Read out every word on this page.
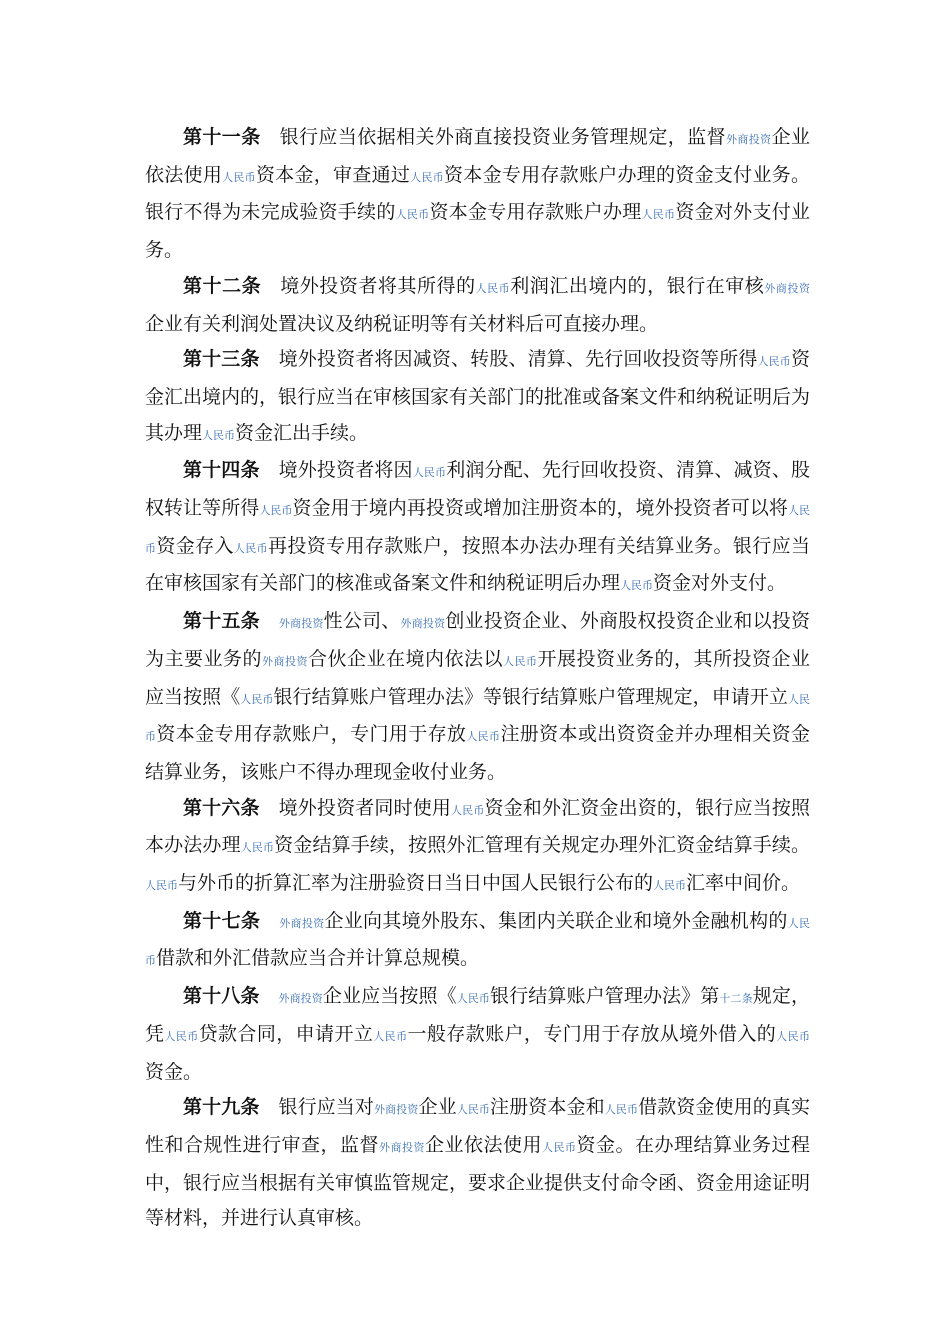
第十一条 银行应当依据相关外商直接投资业务管理规定，监督外商投资企业依法使用人民币资本金，审查通过人民币资本金专用存款账户办理的资金支付业务。银行不得为未完成验资手续的人民币资本金专用存款账户办理人民币资金对外支付业务。

第十二条 境外投资者将其所得的人民币利润汇出境内的，银行在审核外商投资企业有关利润处置决议及纳税证明等有关材料后可直接办理。

第十三条 境外投资者将因减资、转股、清算、先行回收投资等所得人民币资金汇出境内的，银行应当在审核国家有关部门的批准或备案文件和纳税证明后为其办理人民币资金汇出手续。

第十四条 境外投资者将因人民币利润分配、先行回收投资、清算、减资、股权转让等所得人民币资金用于境内再投资或增加注册资本的，境外投资者可以将人民币资金存入人民币再投资专用存款账户，按照本办法办理有关结算业务。银行应当在审核国家有关部门的核准或备案文件和纳税证明后办理人民币资金对外支付。

第十五条 外商投资性公司、外商投资创业投资企业、外商股权投资企业和以投资为主要业务的外商投资合伙企业在境内依法以人民币开展投资业务的，其所投资企业应当按照《人民币银行结算账户管理办法》等银行结算账户管理规定，申请开立人民币资本金专用存款账户，专门用于存放人民币注册资本或出资资金并办理相关资金结算业务，该账户不得办理现金收付业务。

第十六条 境外投资者同时使用人民币资金和外汇资金出资的，银行应当按照本办法办理人民币资金结算手续，按照外汇管理有关规定办理外汇资金结算手续。人民币与外币的折算汇率为注册验资日当日中国人民银行公布的人民币汇率中间价。

第十七条 外商投资企业向其境外股东、集团内关联企业和境外金融机构的人民币借款和外汇借款应当合并计算总规模。

第十八条 外商投资企业应当按照《人民币银行结算账户管理办法》第十二条规定，凭人民币贷款合同，申请开立人民币一般存款账户，专门用于存放从境外借入的人民币资金。

第十九条 银行应当对外商投资企业人民币注册资本金和人民币借款资金使用的真实性和合规性进行审查，监督外商投资企业依法使用人民币资金。在办理结算业务过程中，银行应当根据有关审慎监管规定，要求企业提供支付命令函、资金用途证明等材料，并进行认真审核。
